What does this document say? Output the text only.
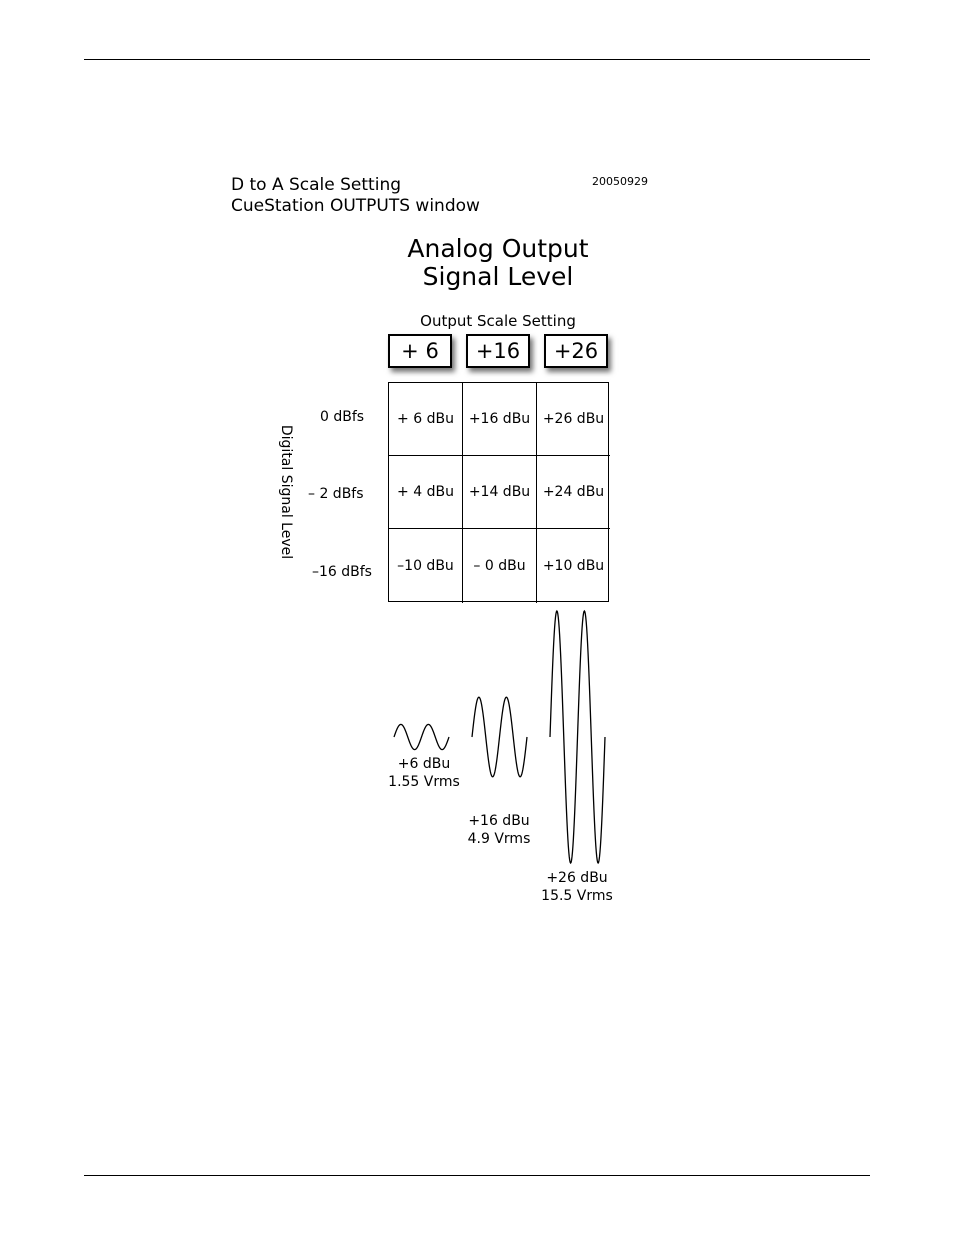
D to A Scale Setting
CueStation OUTPUTS window
20050929
Analog Output
Signal Level
Output Scale Setting
+ 6	+16	+26
Digital Signal Level
0 dBfs
– 2 dBfs
–16 dBfs
+ 6 dBu	+16 dBu +26 dBu
+ 4 dBu	+14 dBu +24 dBu
–10 dBu	– 0 dBu	+10 dBu
+6 dBu
1.55 Vrms
+16 dBu
4.9 Vrms
+26 dBu
15.5 Vrms
